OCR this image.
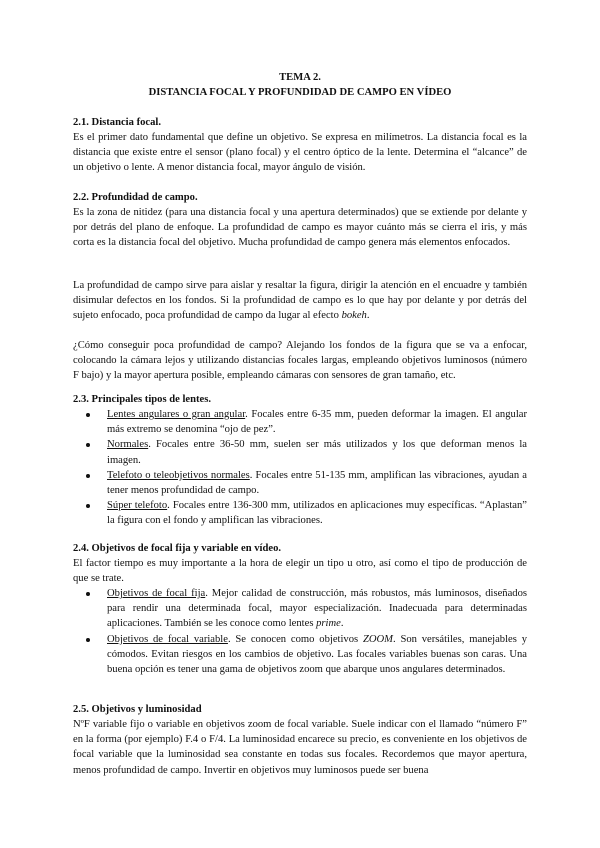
TEMA 2.

DISTANCIA FOCAL Y PROFUNDIDAD DE CAMPO EN VÍDEO

2.1. Distancia focal.

Es el primer dato fundamental que define un objetivo. Se expresa en milímetros. La distancia focal es la distancia que existe entre el sensor (plano focal) y el centro óptico de la lente. Determina el “alcance” de un objetivo o lente. A menor distancia focal, mayor ángulo de visión.

2.2. Profundidad de campo.

Es la zona de nitidez (para una distancia focal y una apertura determinados) que se extiende por delante y por detrás del plano de enfoque. La profundidad de campo es mayor cuánto más se cierra el iris, y más corta es la distancia focal del objetivo. Mucha profundidad de campo genera más elementos enfocados.

La profundidad de campo sirve para aislar y resaltar la figura, dirigir la atención en el encuadre y también disimular defectos en los fondos. Si la profundidad de campo es lo que hay por delante y por detrás del sujeto enfocado, poca profundidad de campo da lugar al efecto bokeh.

¿Cómo conseguir poca profundidad de campo? Alejando los fondos de la figura que se va a enfocar, colocando la cámara lejos y utilizando distancias focales largas, empleando objetivos luminosos (número F bajo) y la mayor apertura posible, empleando cámaras con sensores de gran tamaño, etc.

2.3. Principales tipos de lentes.

Lentes angulares o gran angular. Focales entre 6-35 mm, pueden deformar la imagen. El angular más extremo se denomina “ojo de pez”.
Normales. Focales entre 36-50 mm, suelen ser más utilizados y los que deforman menos la imagen.
Telefoto o teleobjetivos normales. Focales entre 51-135 mm, amplifican las vibraciones, ayudan a tener menos profundidad de campo.
Súper telefoto. Focales entre 136-300 mm, utilizados en aplicaciones muy específicas. “Aplastan” la figura con el fondo y amplifican las vibraciones.

2.4. Objetivos de focal fija y variable en vídeo.

El factor tiempo es muy importante a la hora de elegir un tipo u otro, así como el tipo de producción de que se trate.

Objetivos de focal fija. Mejor calidad de construcción, más robustos, más luminosos, diseñados para rendir una determinada focal, mayor especialización. Inadecuada para determinadas aplicaciones. También se les conoce como lentes prime.
Objetivos de focal variable. Se conocen como objetivos ZOOM. Son versátiles, manejables y cómodos. Evitan riesgos en los cambios de objetivo. Las focales variables buenas son caras. Una buena opción es tener una gama de objetivos zoom que abarque unos angulares determinados.

2.5. Objetivos y luminosidad

NºF variable fijo o variable en objetivos zoom de focal variable. Suele indicar con el llamado “número F” en la forma (por ejemplo) F.4 o F/4. La luminosidad encarece su precio, es conveniente en los objetivos de focal variable que la luminosidad sea constante en todas sus focales. Recordemos que mayor apertura, menos profundidad de campo. Invertir en objetivos muy luminosos puede ser buena
